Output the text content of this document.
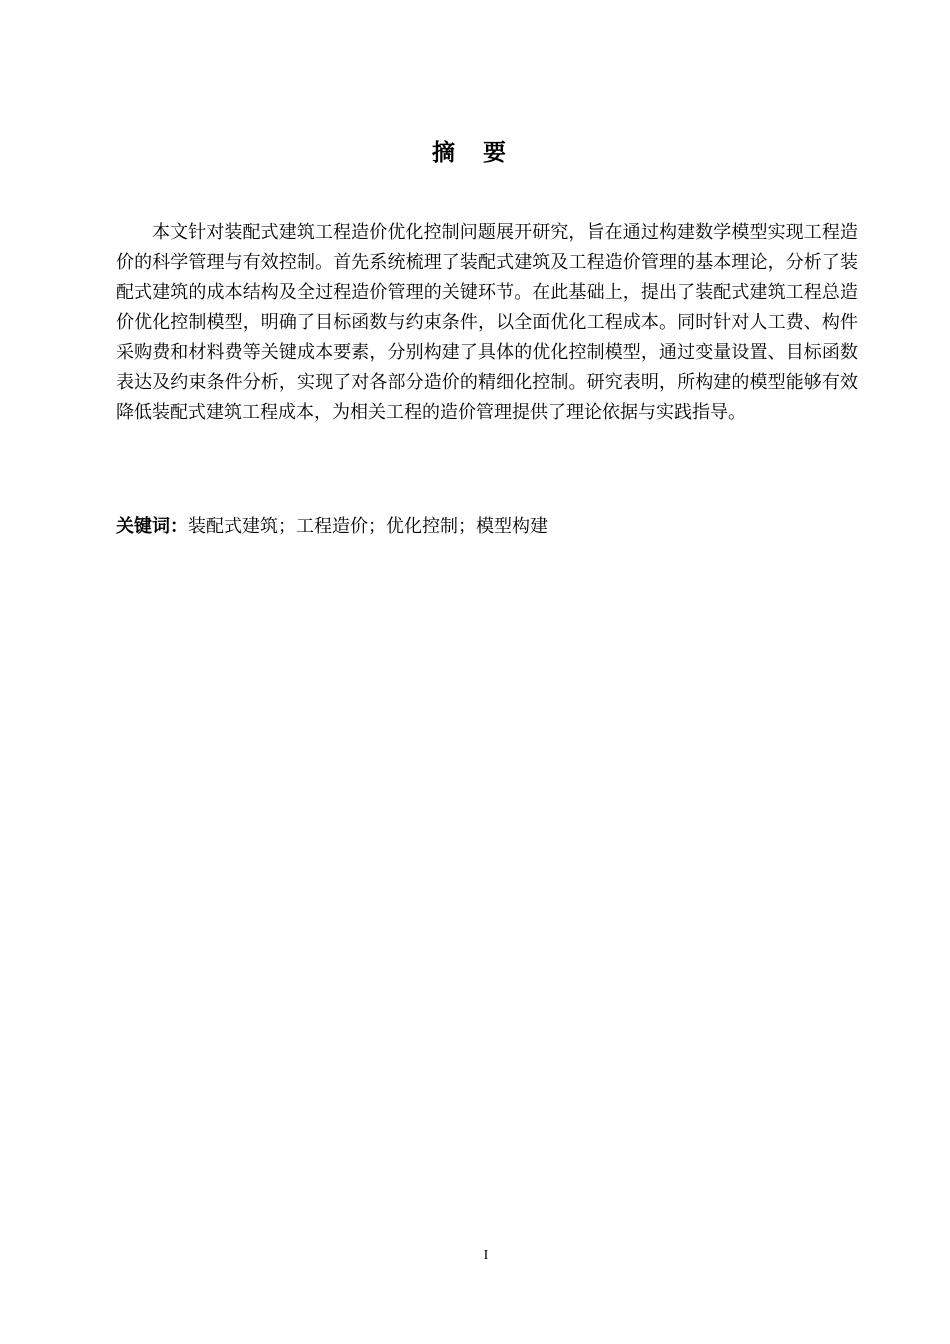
摘要

本文针对装配式建筑工程造价优化控制问题展开研究，旨在通过构建数学模型实现工程造价的科学管理与有效控制。首先系统梳理了装配式建筑及工程造价管理的基本理论，分析了装配式建筑的成本结构及全过程造价管理的关键环节。在此基础上，提出了装配式建筑工程总造价优化控制模型，明确了目标函数与约束条件，以全面优化工程成本。同时针对人工费、构件采购费和材料费等关键成本要素，分别构建了具体的优化控制模型，通过变量设置、目标函数表达及约束条件分析，实现了对各部分造价的精细化控制。研究表明，所构建的模型能够有效降低装配式建筑工程成本，为相关工程的造价管理提供了理论依据与实践指导。

关键词：装配式建筑；工程造价；优化控制；模型构建

I
